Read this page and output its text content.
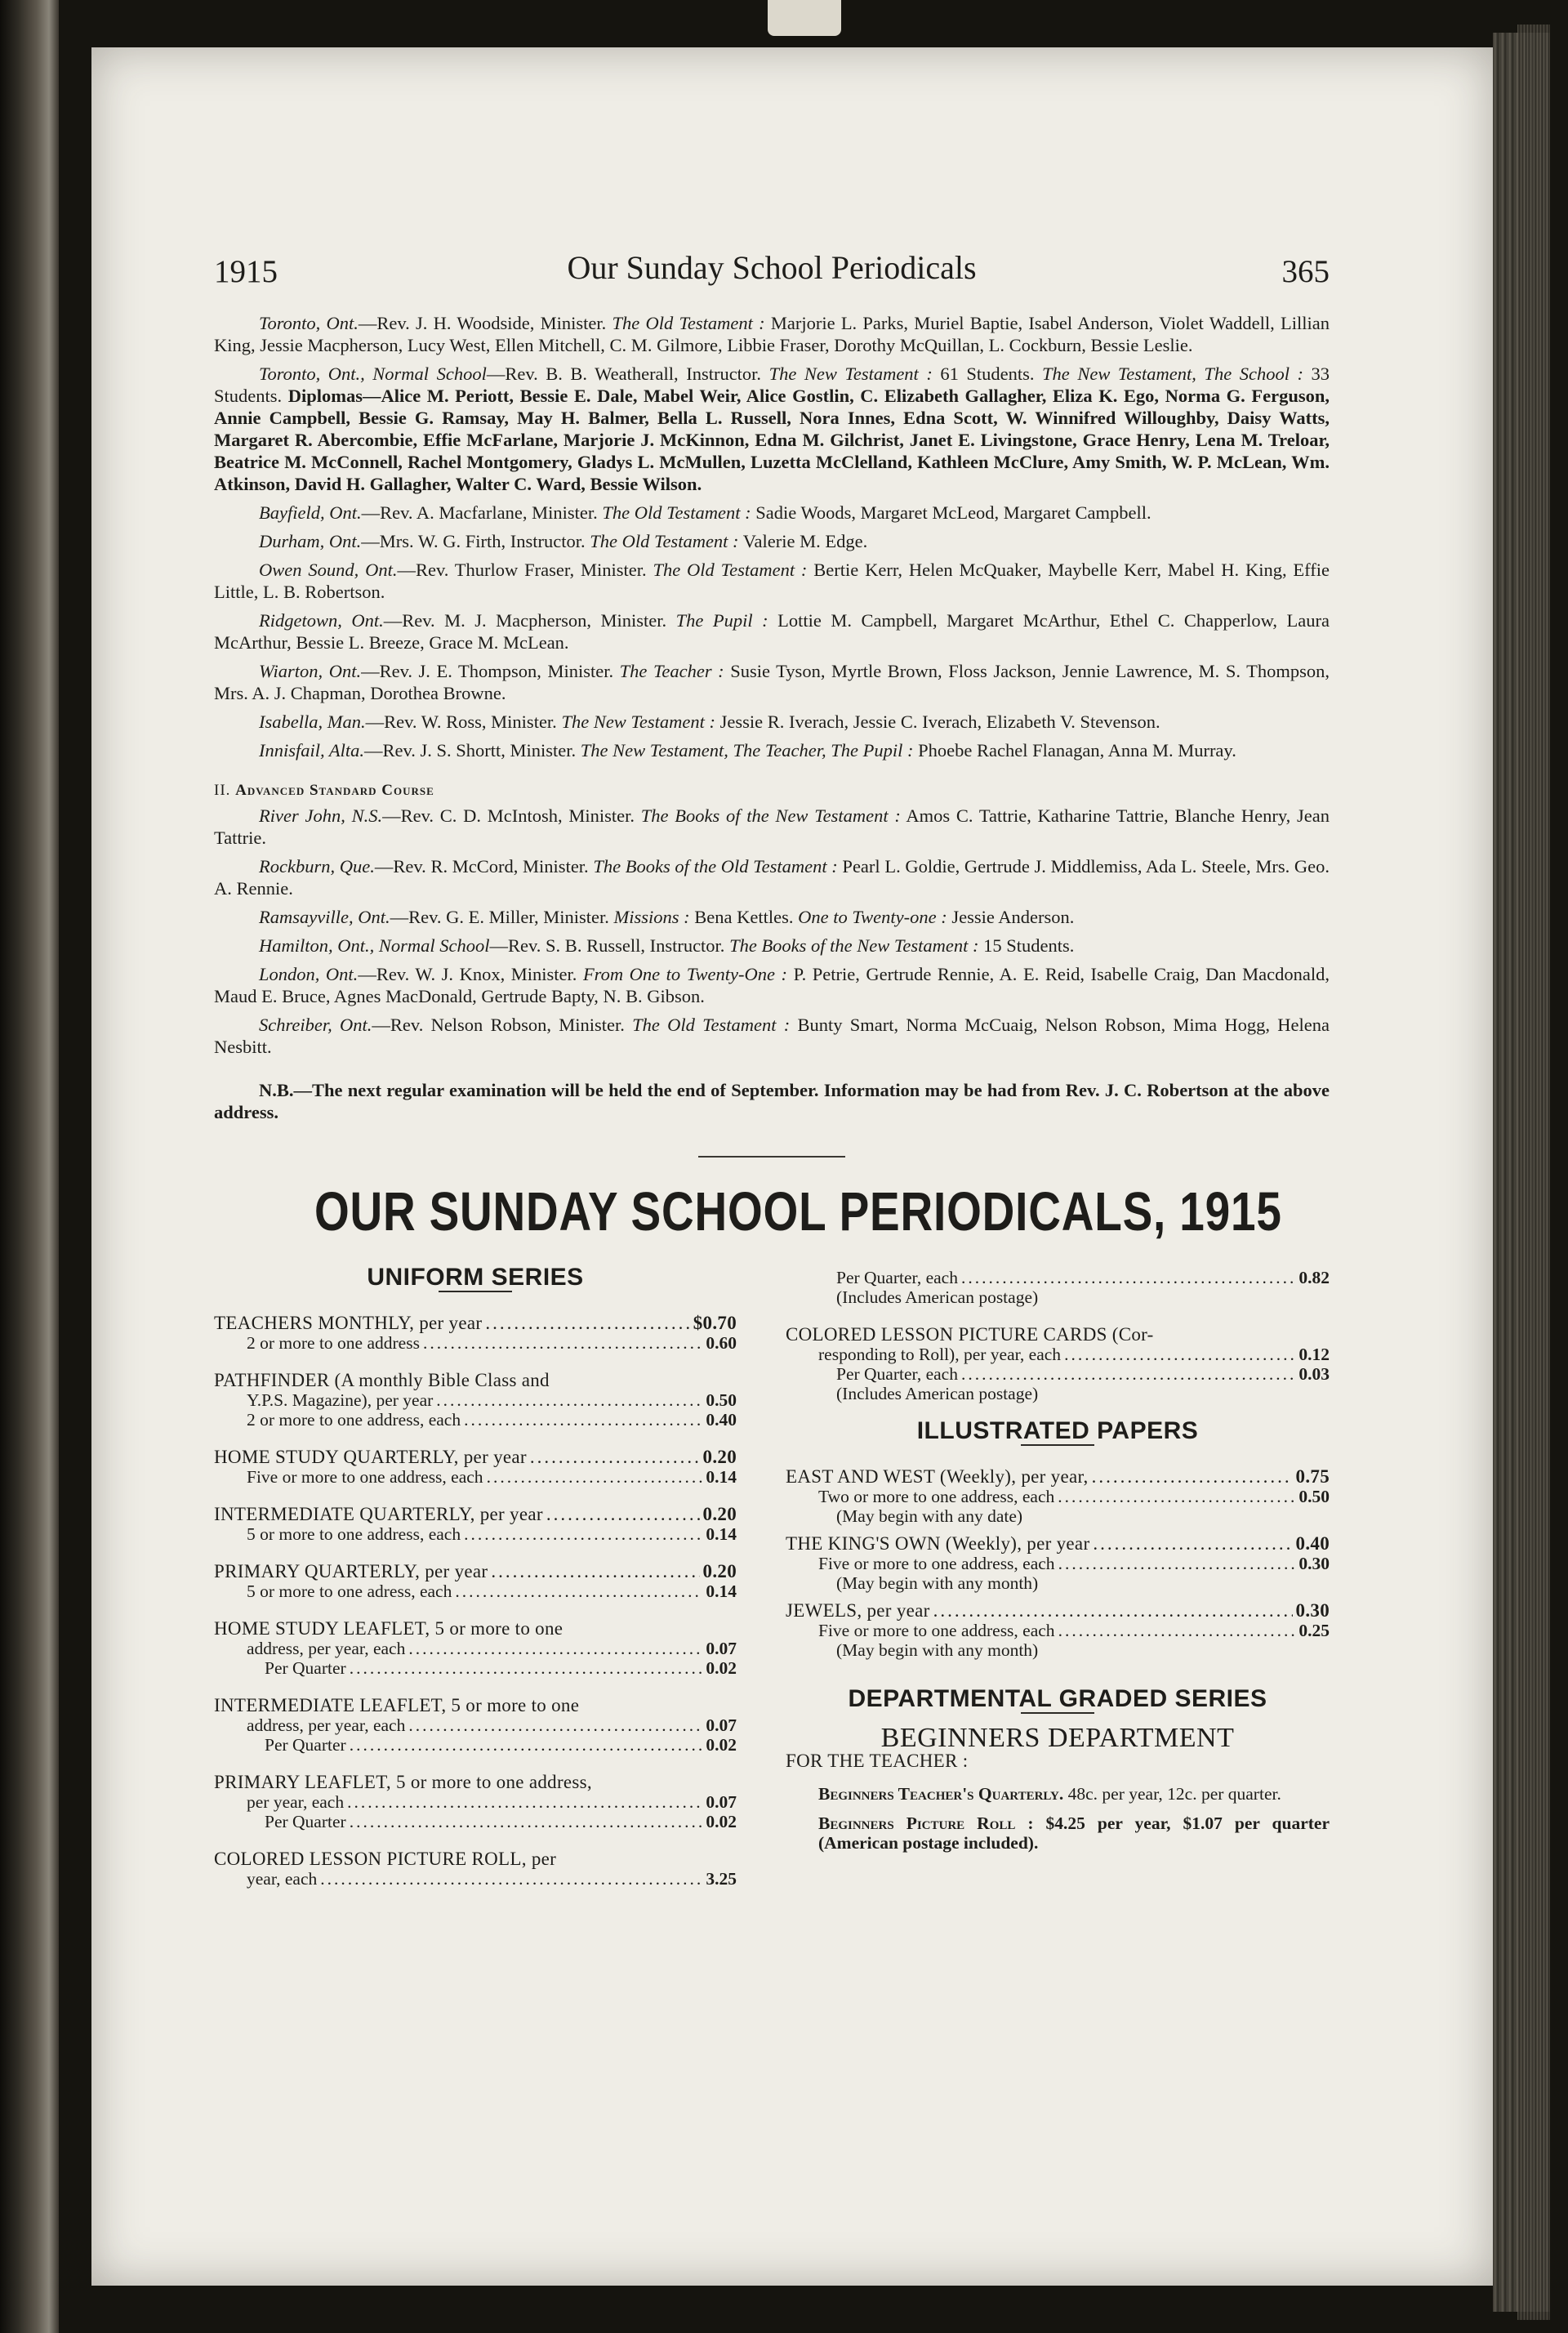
1915	Our Sunday School Periodicals	365

Toronto, Ont.—Rev. J. H. Woodside, Minister. The Old Testament : Marjorie L. Parks, Muriel Baptie, Isabel Anderson, Violet Waddell, Lillian King, Jessie Macpherson, Lucy West, Ellen Mitchell, C. M. Gilmore, Libbie Fraser, Dorothy McQuillan, L. Cockburn, Bessie Leslie.

Toronto, Ont., Normal School—Rev. B. B. Weatherall, Instructor. The New Testament : 61 Students. The New Testament, The School : 33 Students. Diplomas—Alice M. Periott, Bessie E. Dale, Mabel Weir, Alice Gostlin, C. Elizabeth Gallagher, Eliza K. Ego, Norma G. Ferguson, Annie Campbell, Bessie G. Ramsay, May H. Balmer, Bella L. Russell, Nora Innes, Edna Scott, W. Winnifred Willoughby, Daisy Watts, Margaret R. Abercombie, Effie McFarlane, Marjorie J. McKinnon, Edna M. Gilchrist, Janet E. Livingstone, Grace Henry, Lena M. Treloar, Beatrice M. McConnell, Rachel Montgomery, Gladys L. McMullen, Luzetta McClelland, Kathleen McClure, Amy Smith, W. P. McLean, Wm. Atkinson, David H. Gallagher, Walter C. Ward, Bessie Wilson.

Bayfield, Ont.—Rev. A. Macfarlane, Minister. The Old Testament : Sadie Woods, Margaret McLeod, Margaret Campbell.

Durham, Ont.—Mrs. W. G. Firth, Instructor. The Old Testament : Valerie M. Edge.

Owen Sound, Ont.—Rev. Thurlow Fraser, Minister. The Old Testament : Bertie Kerr, Helen McQuaker, Maybelle Kerr, Mabel H. King, Effie Little, L. B. Robertson.

Ridgetown, Ont.—Rev. M. J. Macpherson, Minister. The Pupil : Lottie M. Campbell, Margaret McArthur, Ethel C. Chapperlow, Laura McArthur, Bessie L. Breeze, Grace M. McLean.

Wiarton, Ont.—Rev. J. E. Thompson, Minister. The Teacher : Susie Tyson, Myrtle Brown, Floss Jackson, Jennie Lawrence, M. S. Thompson, Mrs. A. J. Chapman, Dorothea Browne.

Isabella, Man.—Rev. W. Ross, Minister. The New Testament : Jessie R. Iverach, Jessie C. Iverach, Elizabeth V. Stevenson.

Innisfail, Alta.—Rev. J. S. Shortt, Minister. The New Testament, The Teacher, The Pupil : Phoebe Rachel Flanagan, Anna M. Murray.

II. Advanced Standard Course

River John, N.S.—Rev. C. D. McIntosh, Minister. The Books of the New Testament : Amos C. Tattrie, Katharine Tattrie, Blanche Henry, Jean Tattrie.

Rockburn, Que.—Rev. R. McCord, Minister. The Books of the Old Testament : Pearl L. Goldie, Gertrude J. Middlemiss, Ada L. Steele, Mrs. Geo. A. Rennie.

Ramsayville, Ont.—Rev. G. E. Miller, Minister. Missions : Bena Kettles. One to Twenty-one : Jessie Anderson.

Hamilton, Ont., Normal School—Rev. S. B. Russell, Instructor. The Books of the New Testament : 15 Students.

London, Ont.—Rev. W. J. Knox, Minister. From One to Twenty-One : P. Petrie, Gertrude Rennie, A. E. Reid, Isabelle Craig, Dan Macdonald, Maud E. Bruce, Agnes MacDonald, Gertrude Bapty, N. B. Gibson.

Schreiber, Ont.—Rev. Nelson Robson, Minister. The Old Testament : Bunty Smart, Norma McCuaig, Nelson Robson, Mima Hogg, Helena Nesbitt.

N.B.—The next regular examination will be held the end of September. Information may be had from Rev. J. C. Robertson at the above address.

OUR SUNDAY SCHOOL PERIODICALS, 1915
UNIFORM SERIES
TEACHERS MONTHLY, per year .....	$0.70
2 or more to one address .....	0.60
PATHFINDER (A monthly Bible Class and
Y.P.S. Magazine), per year .....	0.50
2 or more to one address, each .....	0.40
HOME STUDY QUARTERLY, per year .....	0.20
Five or more to one address, each .....	0.14
INTERMEDIATE QUARTERLY, per year .....	0.20
5 or more to one address, each .....	0.14
PRIMARY QUARTERLY, per year .....	0.20
5 or more to one adress, each .....	0.14
HOME STUDY LEAFLET, 5 or more to one
address, per year, each .....	0.07
Per Quarter .....	0.02
INTERMEDIATE LEAFLET, 5 or more to one
address, per year, each .....	0.07
Per Quarter .....	0.02
PRIMARY LEAFLET, 5 or more to one address,
per year, each .....	0.07
Per Quarter .....	0.02
COLORED LESSON PICTURE ROLL, per
year, each .....	3.25
Per Quarter, each .....	0.82
(Includes American postage)
COLORED LESSON PICTURE CARDS (Cor-
responding to Roll), per year, each .....	0.12
Per Quarter, each .....	0.03
(Includes American postage)
ILLUSTRATED PAPERS
EAST AND WEST (Weekly), per year, .....	0.75
Two or more to one address, each .....	0.50
(May begin with any date)
THE KING'S OWN (Weekly), per year .....	0.40
Five or more to one address, each .....	0.30
(May begin with any month)
JEWELS, per year .....	0.30
Five or more to one address, each .....	0.25
(May begin with any month)
DEPARTMENTAL GRADED SERIES
BEGINNERS DEPARTMENT
FOR THE TEACHER :
Beginners Teacher's Quarterly. 48c. per year, 12c. per quarter.
Beginners Picture Roll : $4.25 per year, $1.07 per quarter (American postage included).
